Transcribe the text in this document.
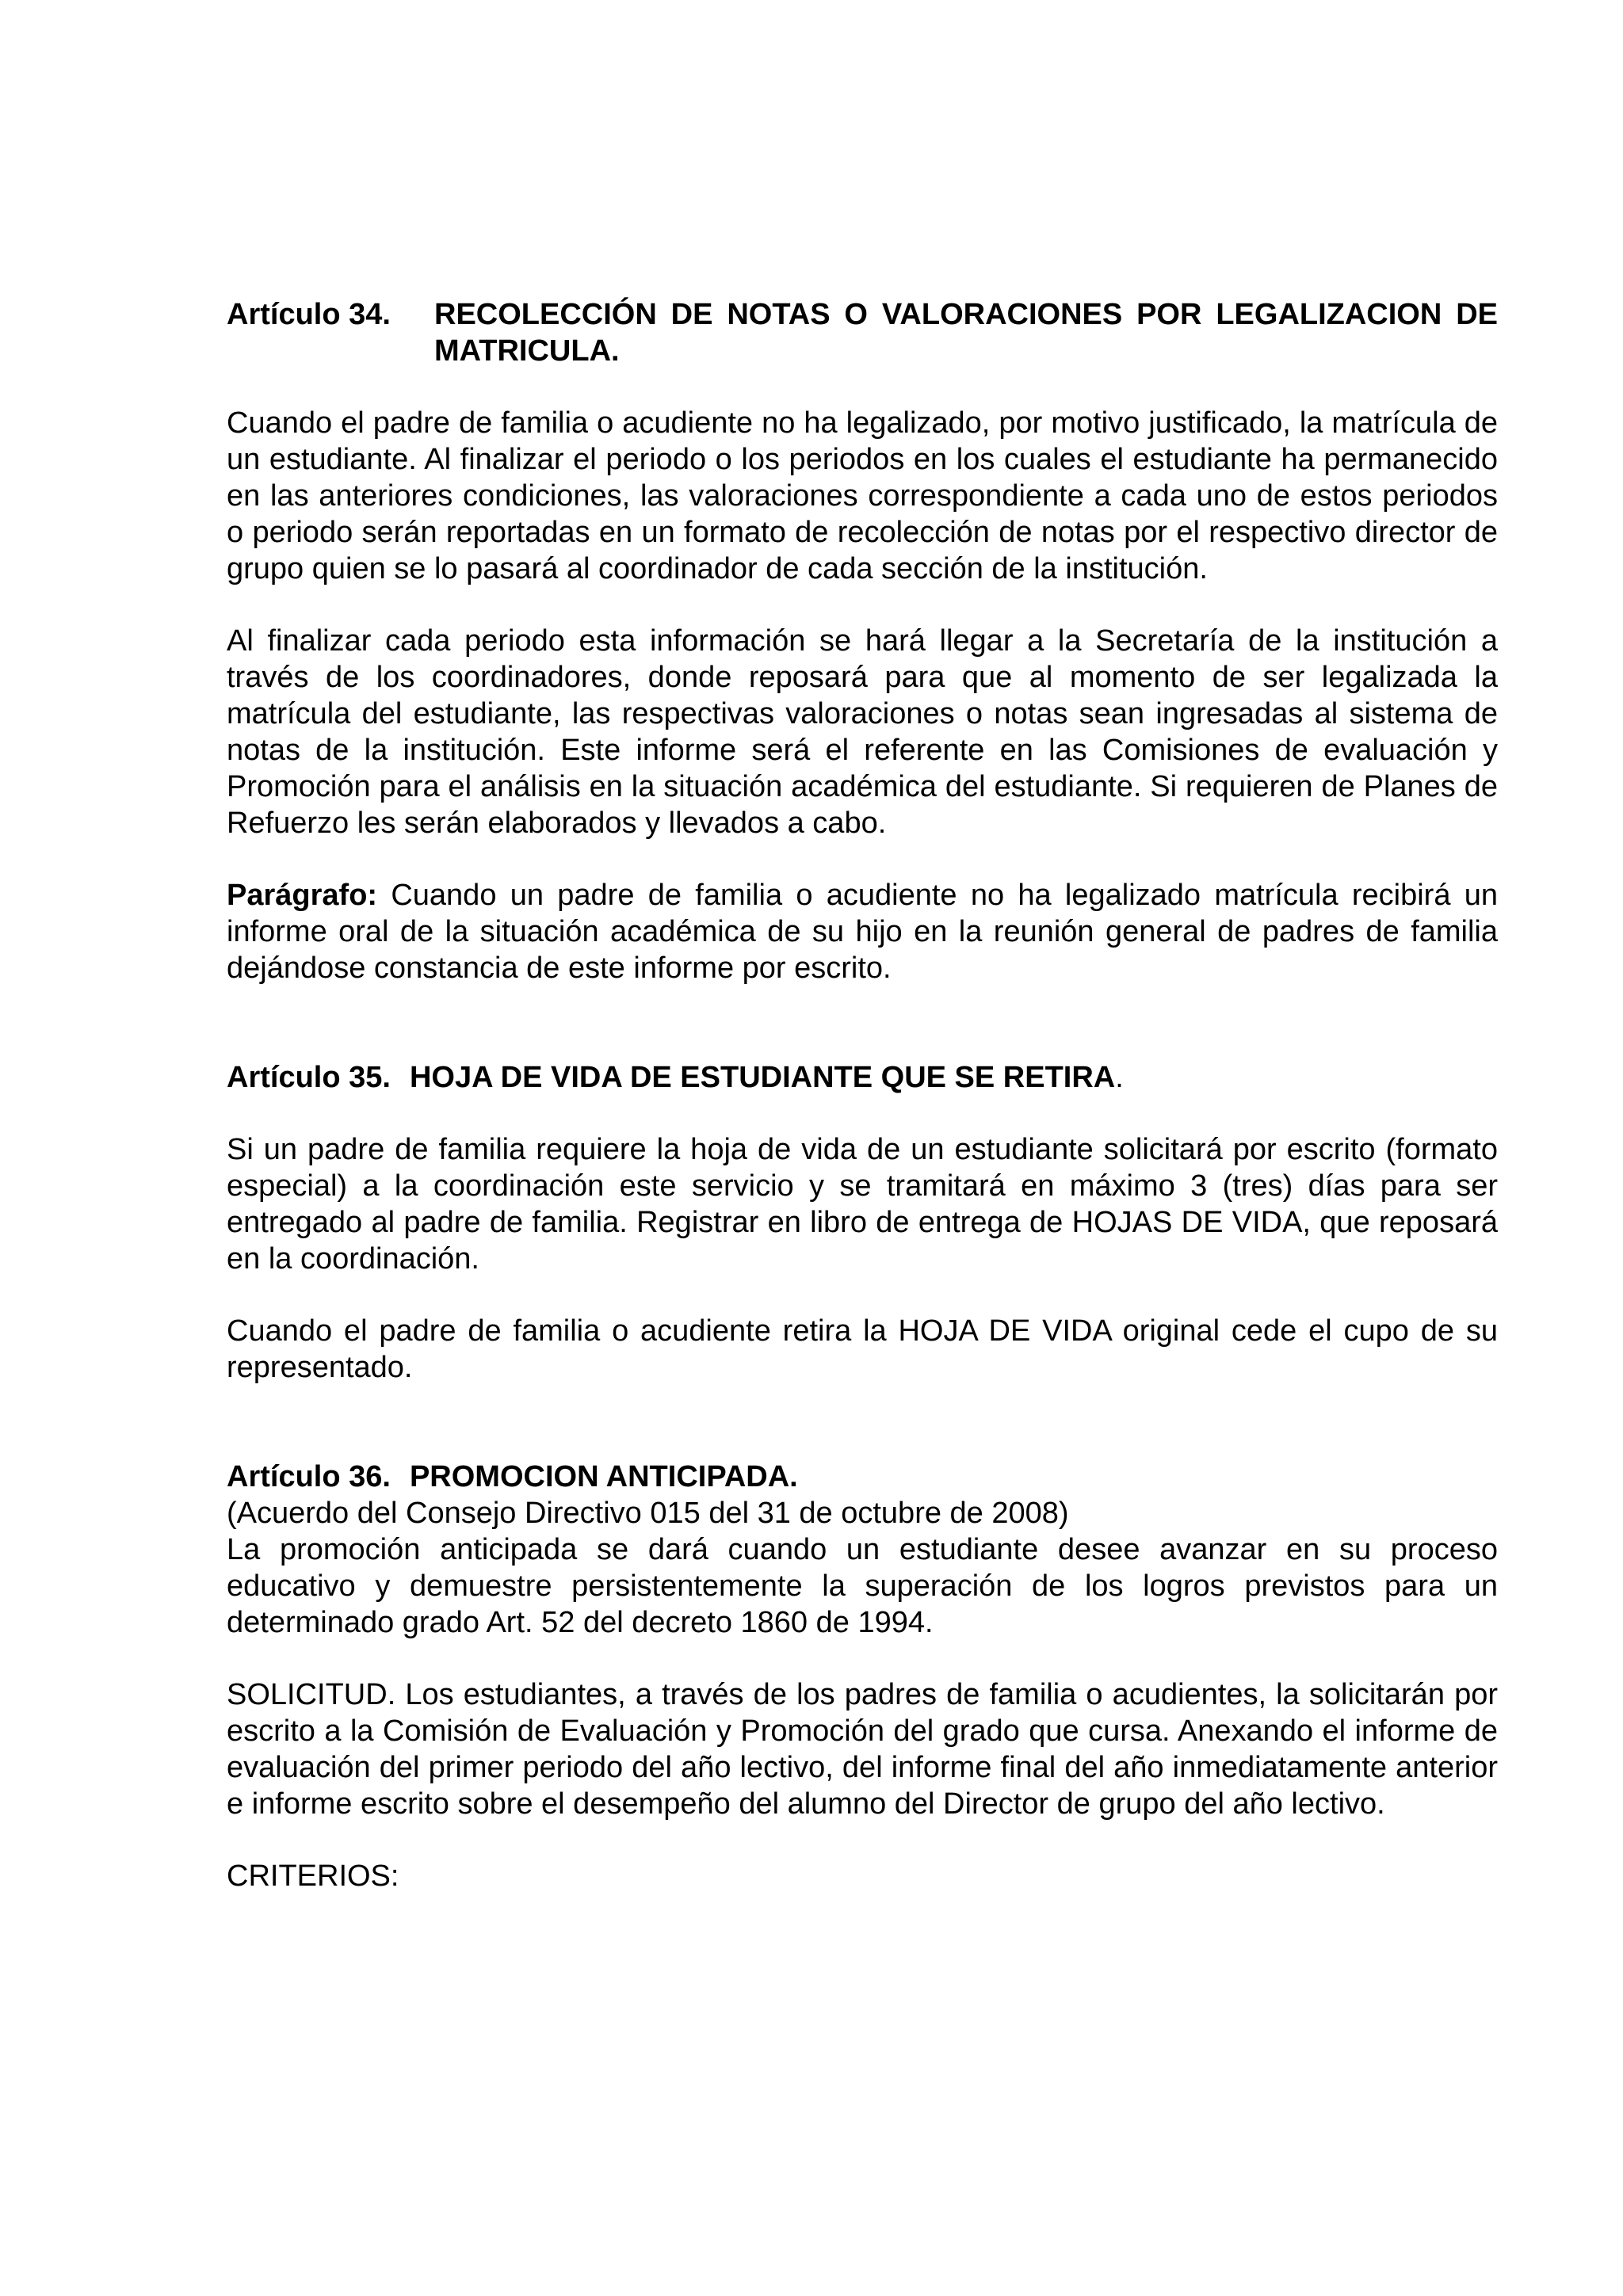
Artículo 34.	RECOLECCIÓN DE NOTAS O VALORACIONES POR LEGALIZACION DE MATRICULA.

Cuando el padre de familia o acudiente no ha legalizado, por motivo justificado, la matrícula de un estudiante. Al finalizar el periodo o los periodos en los cuales el estudiante ha permanecido en las anteriores condiciones, las valoraciones correspondiente a cada uno de estos periodos o periodo serán reportadas en un formato de recolección de notas por el respectivo director de grupo quien se lo pasará al coordinador de cada sección de la institución.

Al finalizar cada periodo esta información se hará llegar a la Secretaría de la institución a través de los coordinadores, donde reposará para que al momento de ser legalizada la matrícula del estudiante, las respectivas valoraciones o notas sean ingresadas al sistema de notas de la institución. Este informe será el referente en las Comisiones de evaluación y Promoción para el análisis en la situación académica del estudiante. Si requieren de Planes de Refuerzo les serán elaborados y llevados a cabo.

Parágrafo: Cuando un padre de familia o acudiente no ha legalizado matrícula recibirá un informe oral de la situación académica de su hijo en la reunión general de padres de familia dejándose constancia de este informe por escrito.

Artículo 35. HOJA DE VIDA DE ESTUDIANTE QUE SE RETIRA.

Si un padre de familia requiere la hoja de vida de un estudiante solicitará por escrito (formato especial) a la coordinación este servicio y se tramitará en máximo 3 (tres) días para ser entregado al padre de familia. Registrar en libro de entrega de HOJAS DE VIDA, que reposará en la coordinación.

Cuando el padre de familia o acudiente retira la HOJA DE VIDA original cede el cupo de su representado.

Artículo 36. PROMOCION ANTICIPADA.

(Acuerdo del Consejo Directivo 015 del 31 de octubre de 2008)

La promoción anticipada se dará cuando un estudiante desee avanzar en su proceso educativo y demuestre persistentemente la superación de los logros previstos para un determinado grado Art. 52 del decreto 1860 de 1994.

SOLICITUD. Los estudiantes, a través de los padres de familia o acudientes, la solicitarán por escrito a la Comisión de Evaluación y Promoción del grado que cursa. Anexando el informe de evaluación del primer periodo del año lectivo, del informe final del año inmediatamente anterior e informe escrito sobre el desempeño del alumno del Director de grupo del año lectivo.

CRITERIOS:
